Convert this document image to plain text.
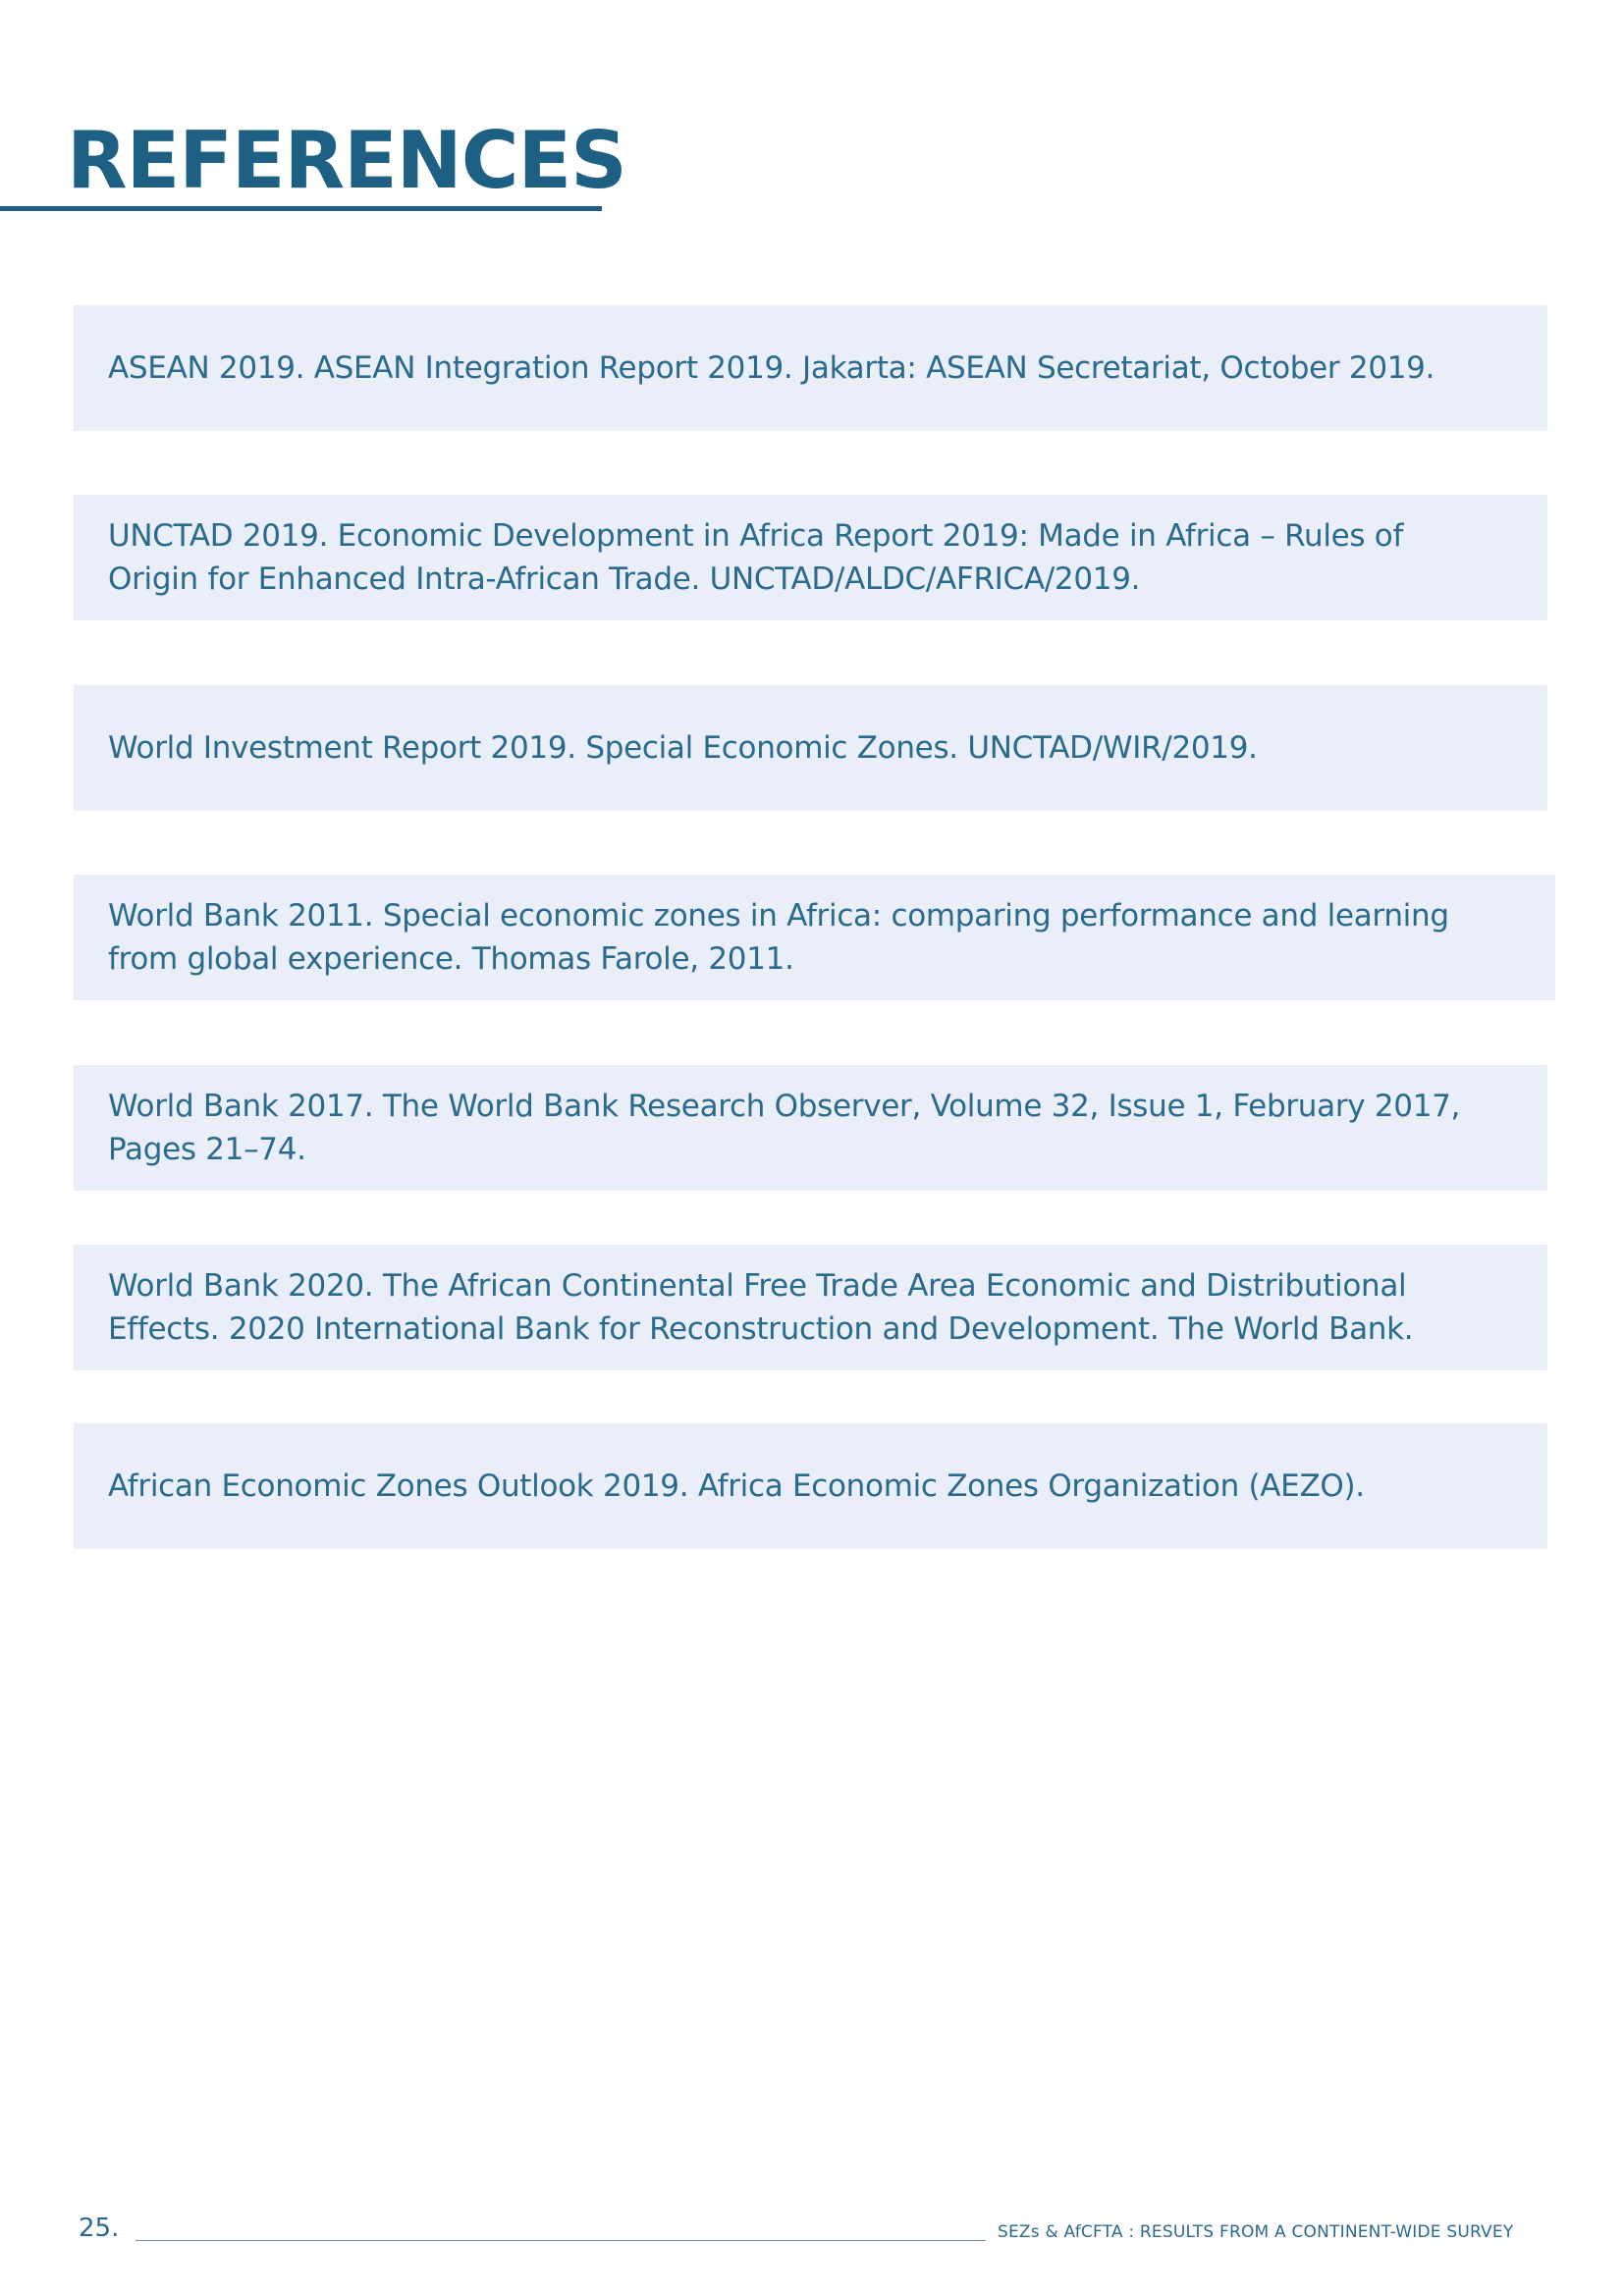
REFERENCES
ASEAN 2019. ASEAN Integration Report 2019. Jakarta: ASEAN Secretariat, October 2019.
UNCTAD 2019. Economic Development in Africa Report 2019: Made in Africa – Rules of Origin for Enhanced Intra-African Trade. UNCTAD/ALDC/AFRICA/2019.
World Investment Report 2019. Special Economic Zones. UNCTAD/WIR/2019.
World Bank 2011. Special economic zones in Africa: comparing performance and learning from global experience. Thomas Farole, 2011.
World Bank 2017. The World Bank Research Observer, Volume 32, Issue 1, February 2017, Pages 21–74.
World Bank 2020. The African Continental Free Trade Area Economic and Distributional Effects. 2020 International Bank for Reconstruction and Development. The World Bank.
African Economic Zones Outlook 2019. Africa Economic Zones Organization (AEZO).
25.	SEZs & AfCFTA : RESULTS FROM A CONTINENT-WIDE SURVEY
